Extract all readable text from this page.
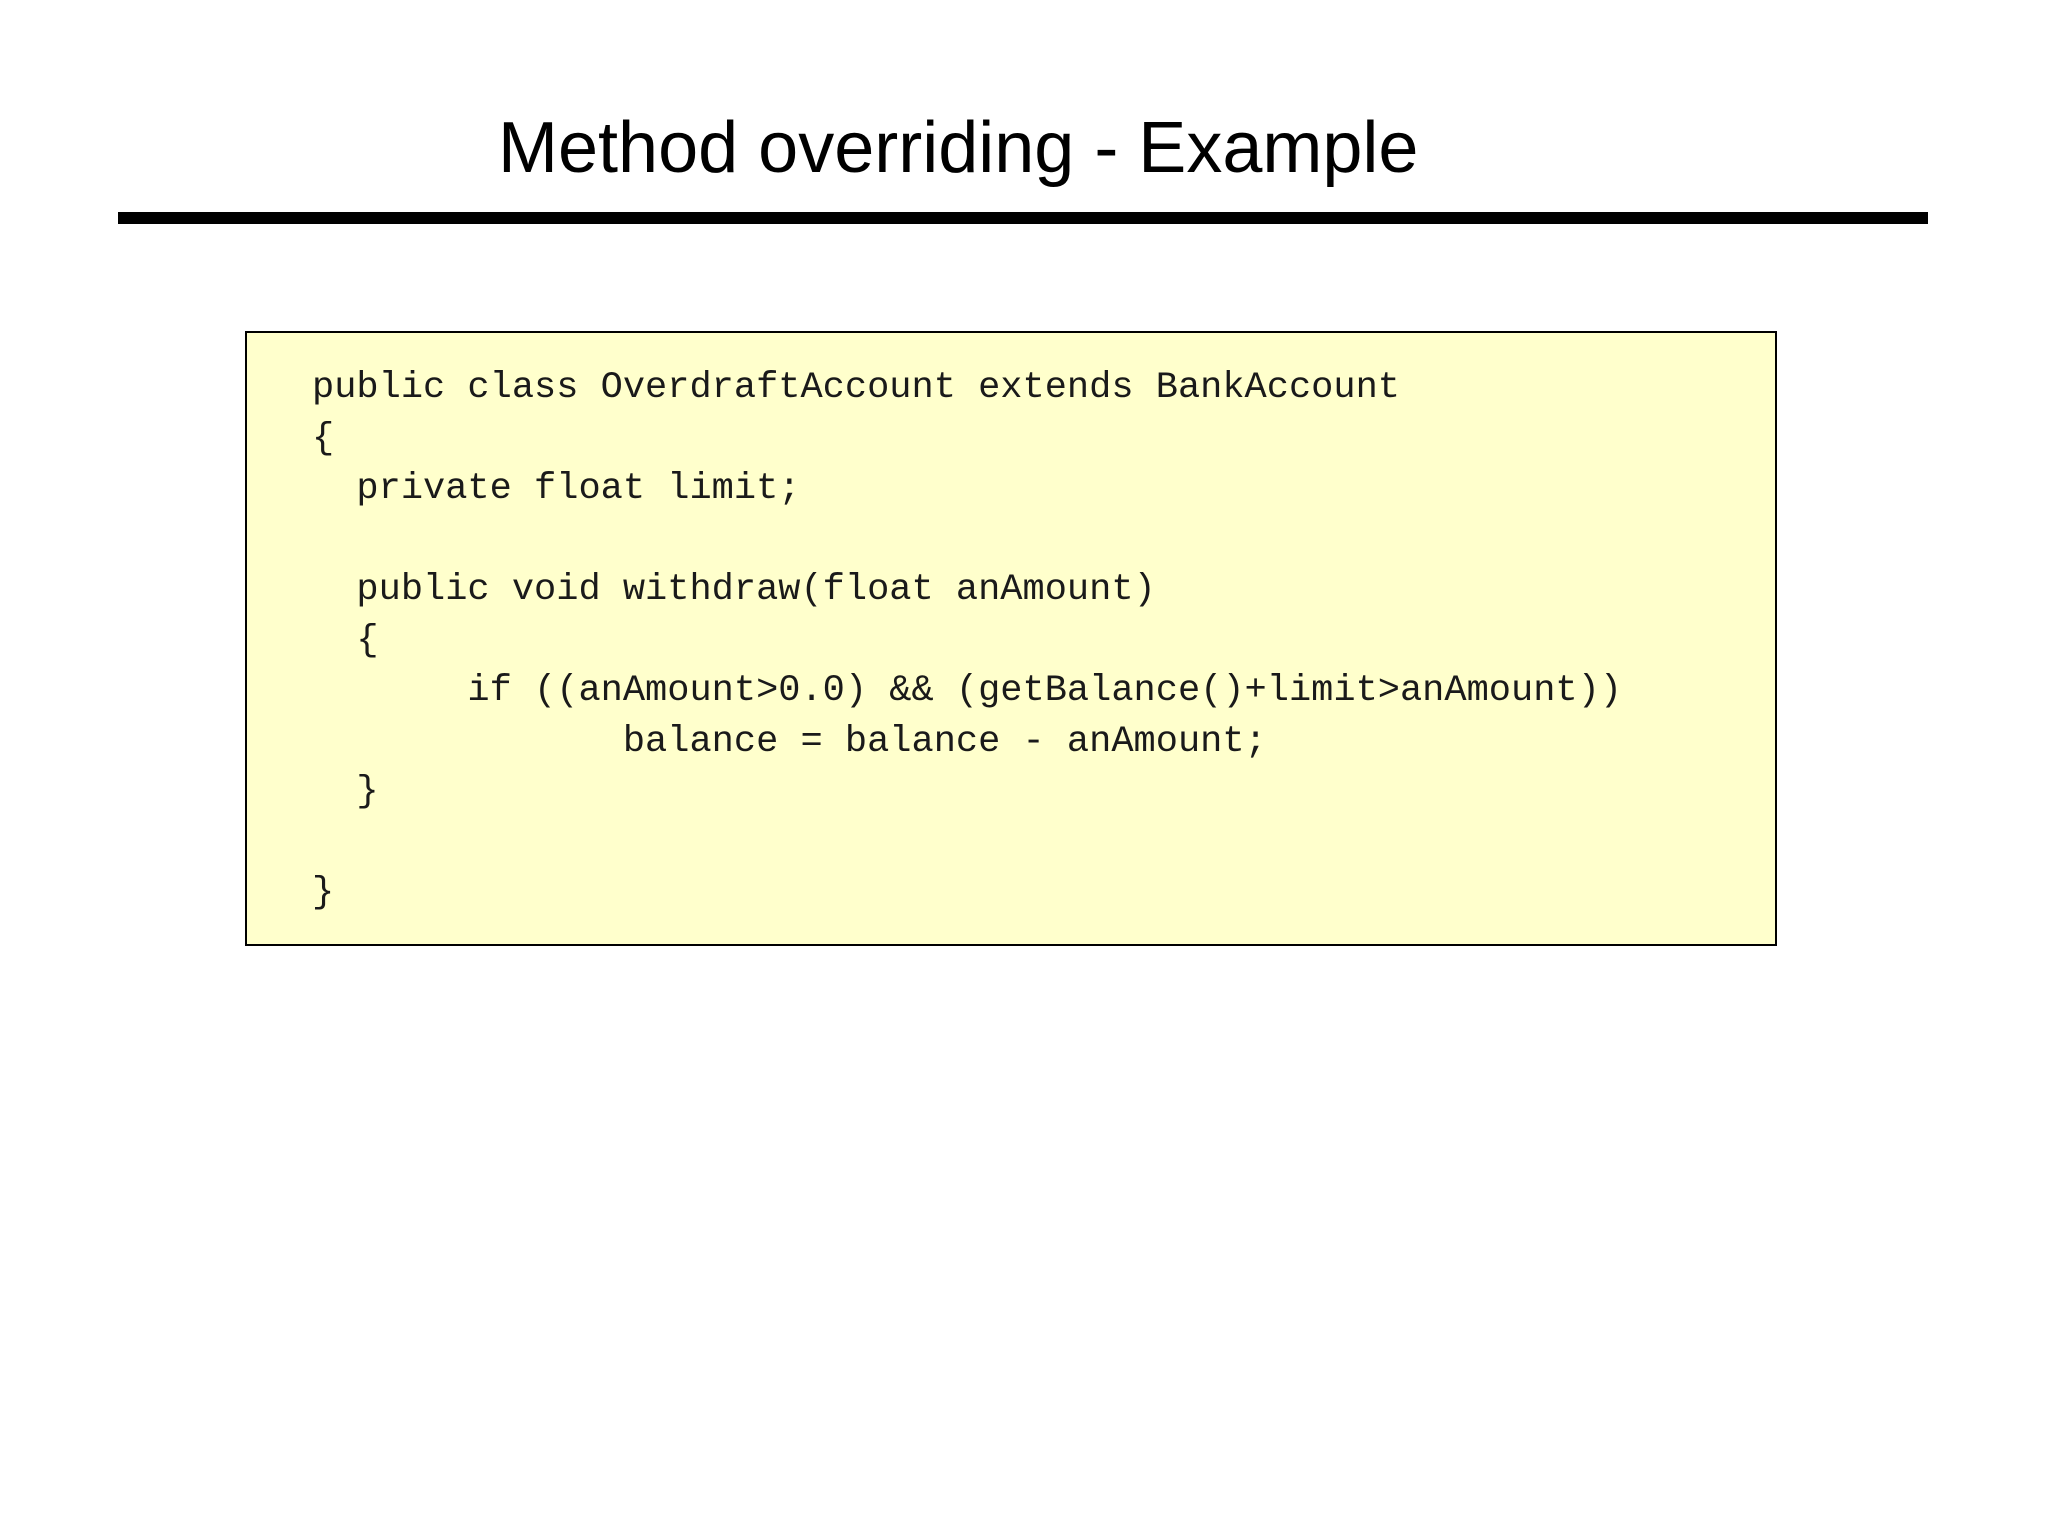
Method overriding - Example
public class OverdraftAccount extends BankAccount
{
private float limit;
public void withdraw(float anAmount)
{
if ((anAmount>0.0) && (getBalance()+limit>anAmount))
balance = balance - anAmount;
}
}
